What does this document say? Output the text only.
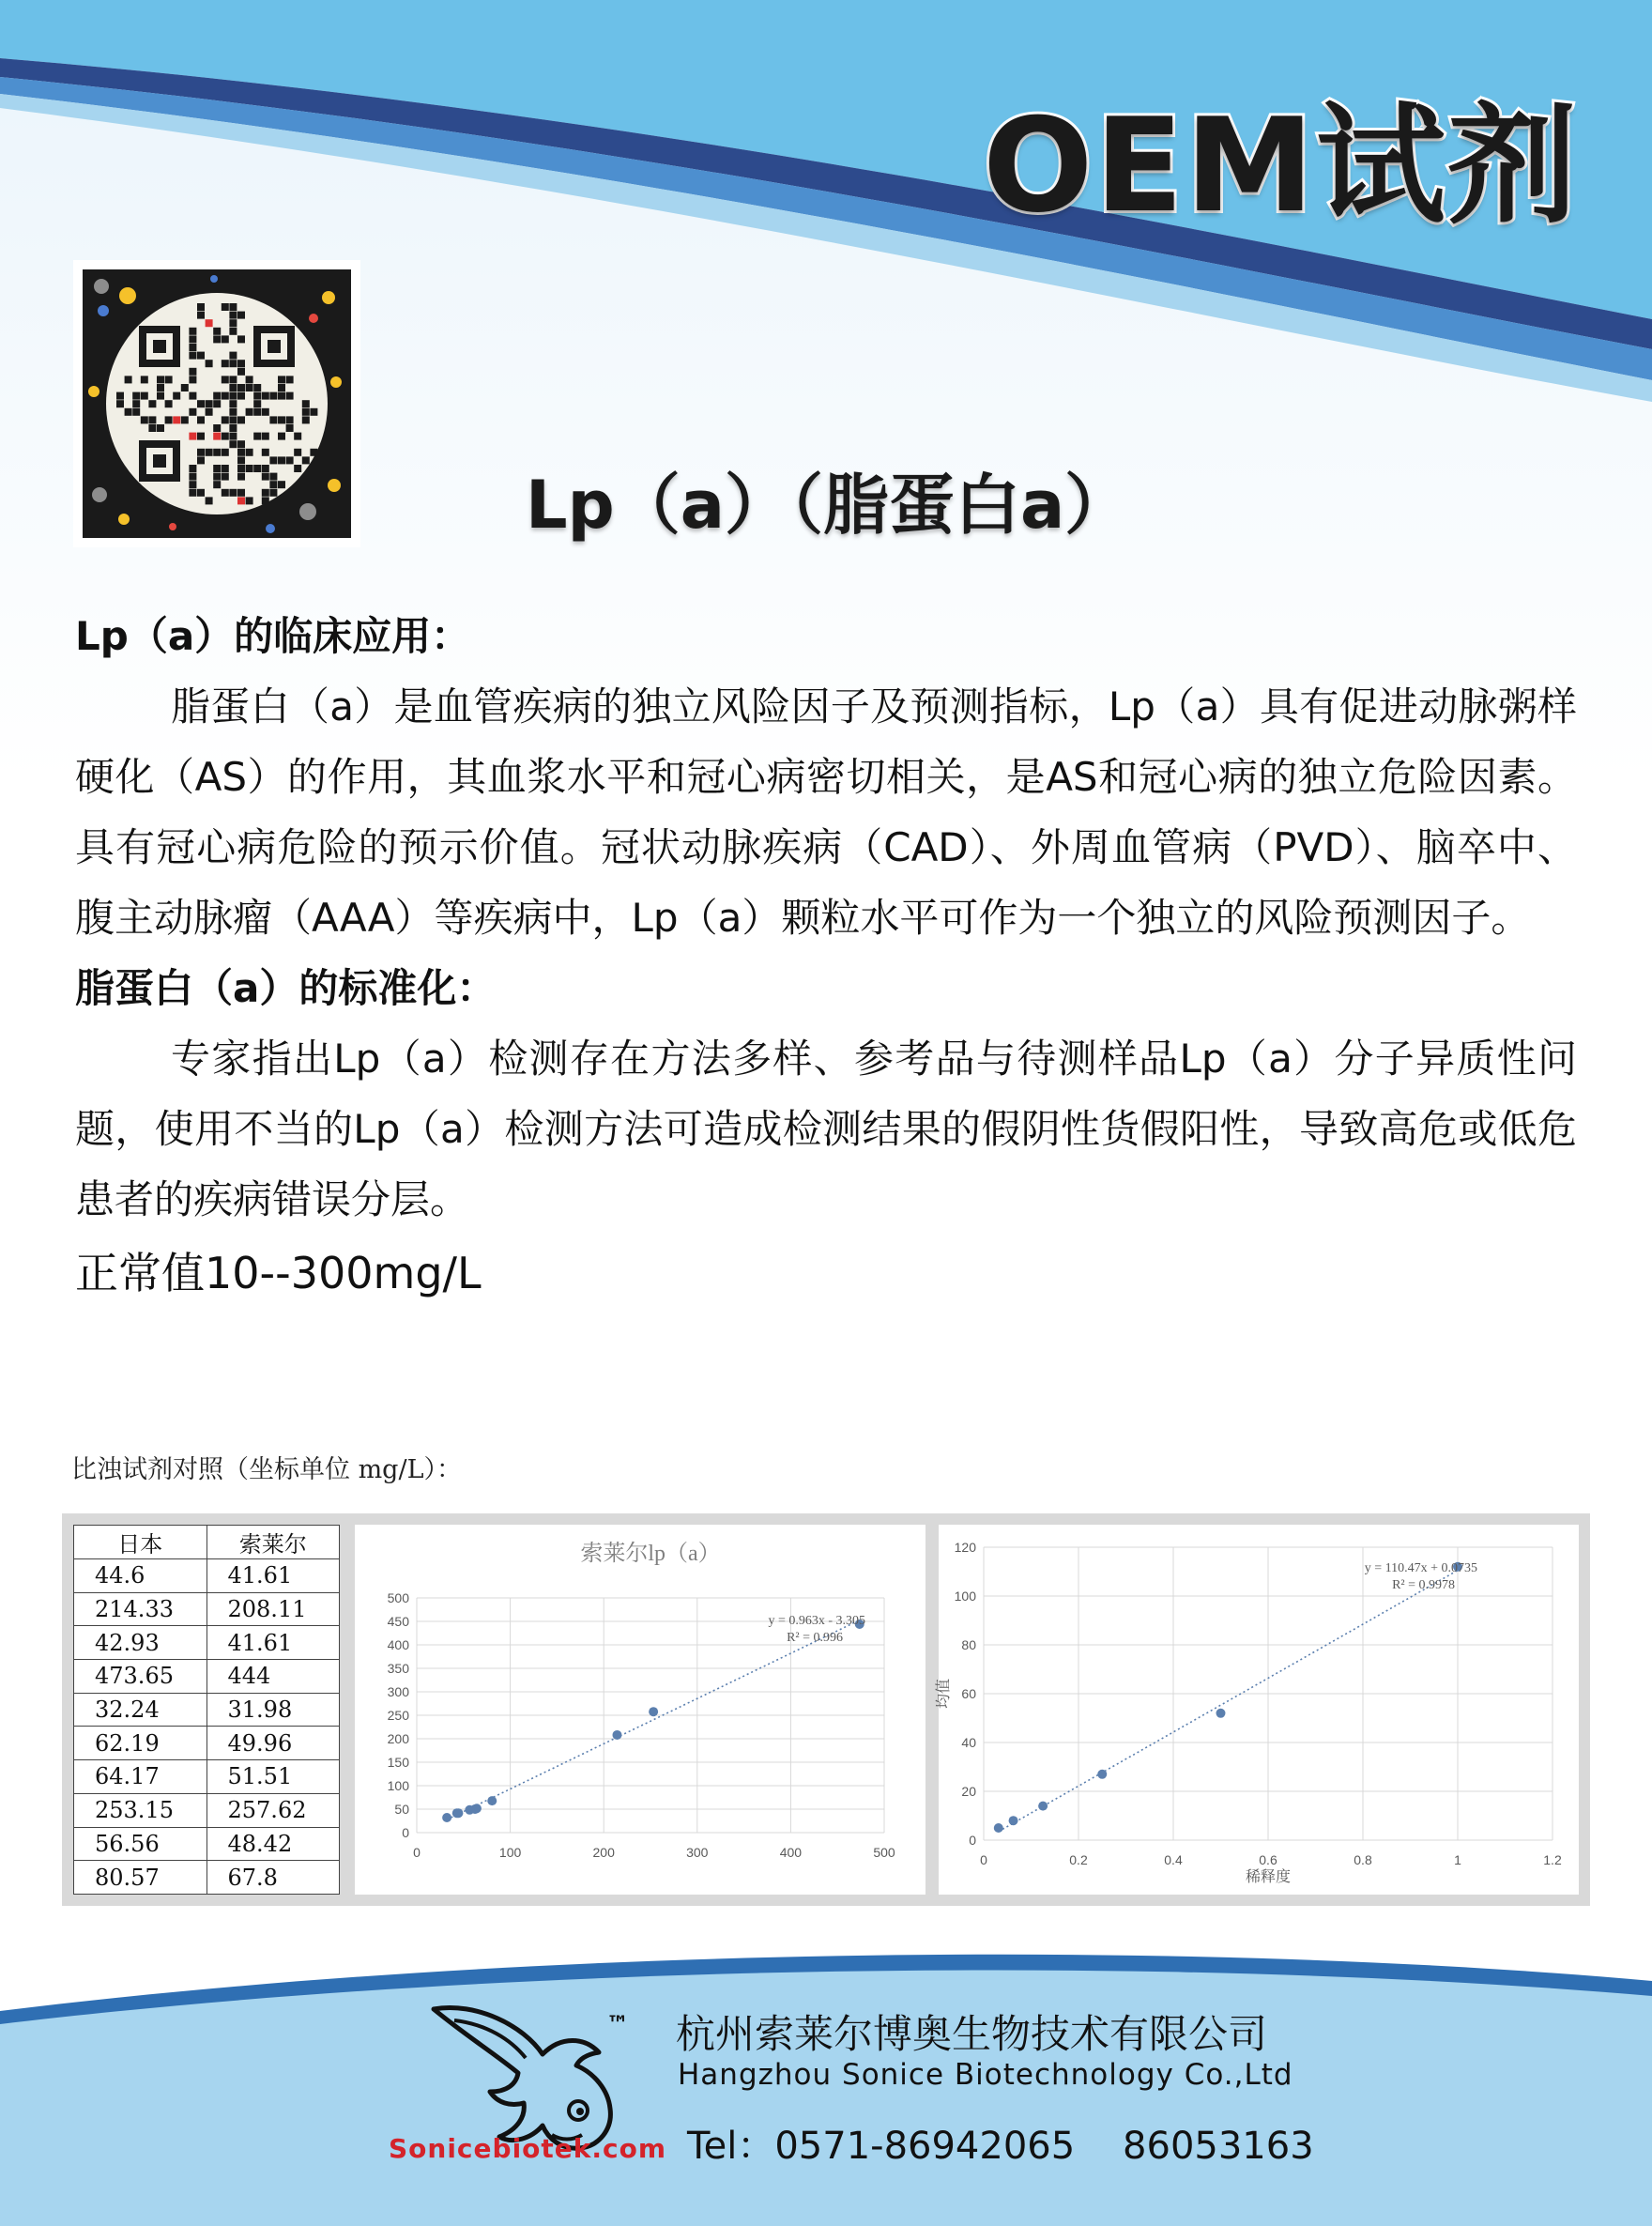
OEM试剂
Lp（a）（脂蛋白a）
Lp（a）的临床应用：
脂蛋白（a）是血管疾病的独立风险因子及预测指标，Lp（a）具有促进动脉粥样硬化（AS）的作用，其血浆水平和冠心病密切相关，是AS和冠心病的独立危险因素。具有冠心病危险的预示价值。冠状动脉疾病（CAD）、外周血管病（PVD）、脑卒中、腹主动脉瘤（AAA）等疾病中，Lp（a）颗粒水平可作为一个独立的风险预测因子。
脂蛋白（a）的标准化：
专家指出Lp（a）检测存在方法多样、参考品与待测样品Lp（a）分子异质性问题，使用不当的Lp（a）检测方法可造成检测结果的假阴性货假阳性，导致高危或低危患者的疾病错误分层。
正常值10--300mg/L
比浊试剂对照（坐标单位 mg/L）：
日本	索莱尔
44.6	41.61
214.33	208.11
42.93	41.61
473.65	444
32.24	31.98
62.19	49.96
64.17	51.51
253.15	257.62
56.56	48.42
80.57	67.8
0
50
100
150
200
250
300
350
400
450
500
0	100	200	300	400	500
索莱尔lp（a）
y = 0.963x - 3.305
R² = 0.996
0
20
40
60
80
100
120
0	0.2	0.4	0.6	0.8	1	1.2
y = 110.47x + 0.0735
R² = 0.9978
稀释度
均值
™
Sonicebiotek.com
杭州索莱尔博奥生物技术有限公司
Hangzhou Sonice Biotechnology Co.,Ltd
Tel：0571-86942065    86053163
